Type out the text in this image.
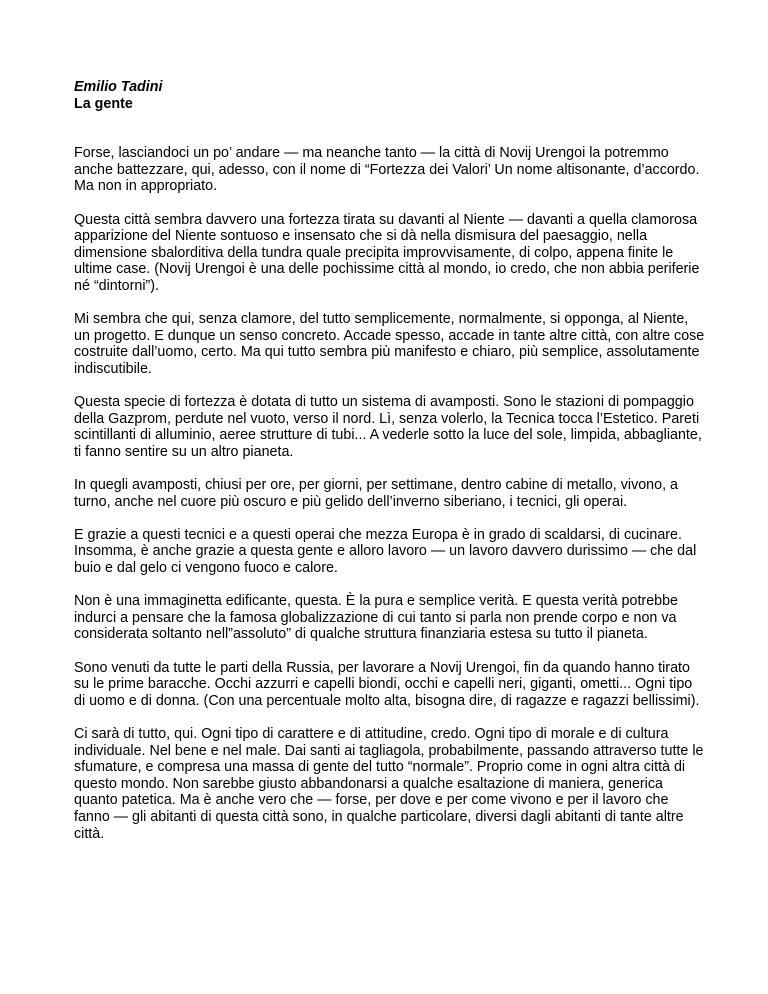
Emilio Tadini

La gente

Forse, lasciandoci un po’ andare — ma neanche tanto — la città di Novij Urengoi la potremmo anche battezzare, qui, adesso, con il nome di “Fortezza dei Valori’ Un nome altisonante, d’accordo. Ma non in appropriato.

Questa città sembra davvero una fortezza tirata su davanti al Niente — davanti a quella clamorosa apparizione del Niente sontuoso e insensato che si dà nella dismisura del paesaggio, nella dimensione sbalorditiva della tundra quale precipita improvvisamente, di colpo, appena finite le ultime case. (Novij Urengoi è una delle pochissime città al mondo, io credo, che non abbia periferie né “dintorni”).

Mi sembra che qui, senza clamore, del tutto semplicemente, normalmente, si opponga, al Niente, un progetto. E dunque un senso concreto. Accade spesso, accade in tante altre città, con altre cose costruite dall’uomo, certo. Ma qui tutto sembra più manifesto e chiaro, più semplice, assolutamente indiscutibile.

Questa specie di fortezza è dotata di tutto un sistema di avamposti. Sono le stazioni di pompaggio della Gazprom, perdute nel vuoto, verso il nord. Lì, senza volerlo, la Tecnica tocca l’Estetico. Pareti scintillanti di alluminio, aeree strutture di tubi... A vederle sotto la luce del sole, limpida, abbagliante, ti fanno sentire su un altro pianeta.

In quegli avamposti, chiusi per ore, per giorni, per settimane, dentro cabine di metallo, vivono, a turno, anche nel cuore più oscuro e più gelido dell’inverno siberiano, i tecnici, gli operai.

E grazie a questi tecnici e a questi operai che mezza Europa è in grado di scaldarsi, di cucinare. Insomma, è anche grazie a questa gente e alloro lavoro — un lavoro davvero durissimo — che dal buio e dal gelo ci vengono fuoco e calore.

Non è una immaginetta edificante, questa. È la pura e semplice verità. E questa verità potrebbe indurci a pensare che la famosa globalizzazione di cui tanto si parla non prende corpo e non va considerata soltanto nell”assoluto” di qualche struttura finanziaria estesa su tutto il pianeta.

Sono venuti da tutte le parti della Russia, per lavorare a Novij Urengoi, fin da quando hanno tirato su le prime baracche. Occhi azzurri e capelli biondi, occhi e capelli neri, giganti, ometti... Ogni tipo di uomo e di donna. (Con una percentuale molto alta, bisogna dire, di ragazze e ragazzi bellissimi).

Ci sarà di tutto, qui. Ogni tipo di carattere e di attitudine, credo. Ogni tipo di morale e di cultura individuale. Nel bene e nel male. Dai santi ai tagliagola, probabilmente, passando attraverso tutte le sfumature, e compresa una massa di gente del tutto “normale”. Proprio come in ogni altra città di questo mondo. Non sarebbe giusto abbandonarsi a qualche esaltazione di maniera, generica quanto patetica. Ma è anche vero che — forse, per dove e per come vivono e per il lavoro che fanno — gli abitanti di questa città sono, in qualche particolare, diversi dagli abitanti di tante altre città.
